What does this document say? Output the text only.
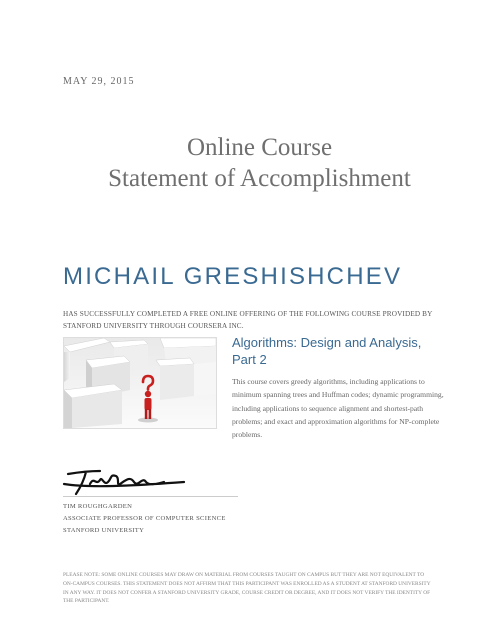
MAY 29, 2015
Online Course
Statement of Accomplishment
MICHAIL GRESHISHCHEV
HAS SUCCESSFULLY COMPLETED A FREE ONLINE OFFERING OF THE FOLLOWING COURSE PROVIDED BY STANFORD UNIVERSITY THROUGH COURSERA INC.
Algorithms: Design and Analysis, Part 2
This course covers greedy algorithms, including applications to minimum spanning trees and Huffman codes; dynamic programming, including applications to sequence alignment and shortest-path problems; and exact and approximation algorithms for NP-complete problems.
TIM ROUGHGARDEN
ASSOCIATE PROFESSOR OF COMPUTER SCIENCE
STANFORD UNIVERSITY
PLEASE NOTE: SOME ONLINE COURSES MAY DRAW ON MATERIAL FROM COURSES TAUGHT ON CAMPUS BUT THEY ARE NOT EQUIVALENT TO ON-CAMPUS COURSES. THIS STATEMENT DOES NOT AFFIRM THAT THIS PARTICIPANT WAS ENROLLED AS A STUDENT AT STANFORD UNIVERSITY IN ANY WAY. IT DOES NOT CONFER A STANFORD UNIVERSITY GRADE, COURSE CREDIT OR DEGREE, AND IT DOES NOT VERIFY THE IDENTITY OF THE PARTICIPANT.
